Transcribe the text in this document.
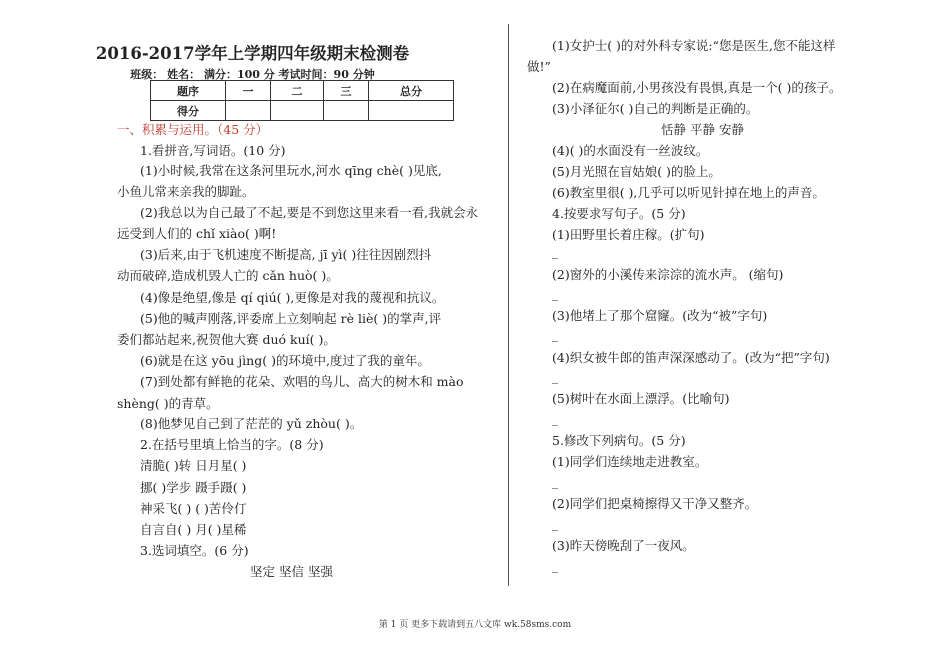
2016-2017学年上学期四年级期末检测卷
班级： 姓名： 满分：100 分 考试时间：90 分钟
题序	一	二	三	总分
得分				
一、积累与运用。（45 分）
1.看拼音,写词语。(10 分)
(1)小时候,我常在这条河里玩水,河水 qīng chè( )见底,
小鱼儿常来亲我的脚趾。
(2)我总以为自己最了不起,要是不到您这里来看一看,我就会永
远受到人们的 chǐ xiào( )啊!
(3)后来,由于飞机速度不断提高, jī yì( )往往因剧烈抖
动而破碎,造成机毁人亡的 cǎn huò( )。
(4)像是绝望,像是 qí qiú( ),更像是对我的蔑视和抗议。
(5)他的喊声刚落,评委席上立刻响起 rè liè( )的掌声,评
委们都站起来,祝贺他大赛 duó kuí( )。
(6)就是在这 yōu jìng( )的环境中,度过了我的童年。
(7)到处都有鲜艳的花朵、欢唱的鸟儿、高大的树木和 mào
shèng( )的青草。
(8)他梦见自己到了茫茫的 yǔ zhòu( )。
2.在括号里填上恰当的字。(8 分)
清脆( )转 日月星( )
挪( )学步 蹑手蹑( )
神采飞( ) ( )苦伶仃
自言自( ) 月( )星稀
3.选词填空。(6 分)
坚定 坚信 坚强
(1)女护士( )的对外科专家说:“您是医生,您不能这样
做!”
(2)在病魔面前,小男孩没有畏惧,真是一个( )的孩子。
(3)小泽征尔( )自己的判断是正确的。
恬静 平静 安静
(4)( )的水面没有一丝波纹。
(5)月光照在盲姑娘( )的脸上。
(6)教室里很( ),几乎可以听见针掉在地上的声音。
4.按要求写句子。(5 分)
(1)田野里长着庄稼。(扩句)
_
(2)窗外的小溪传来淙淙的流水声。 (缩句)
_
(3)他堵上了那个窟窿。(改为“被”字句)
_
(4)织女被牛郎的笛声深深感动了。(改为“把”字句)
_
(5)树叶在水面上漂浮。(比喻句)
_
5.修改下列病句。(5 分)
(1)同学们连续地走进教室。
_
(2)同学们把桌椅擦得又干净又整齐。
_
(3)昨天傍晚刮了一夜风。
_
第 1 页 更多下载请到五八文库 wk.58sms.com
